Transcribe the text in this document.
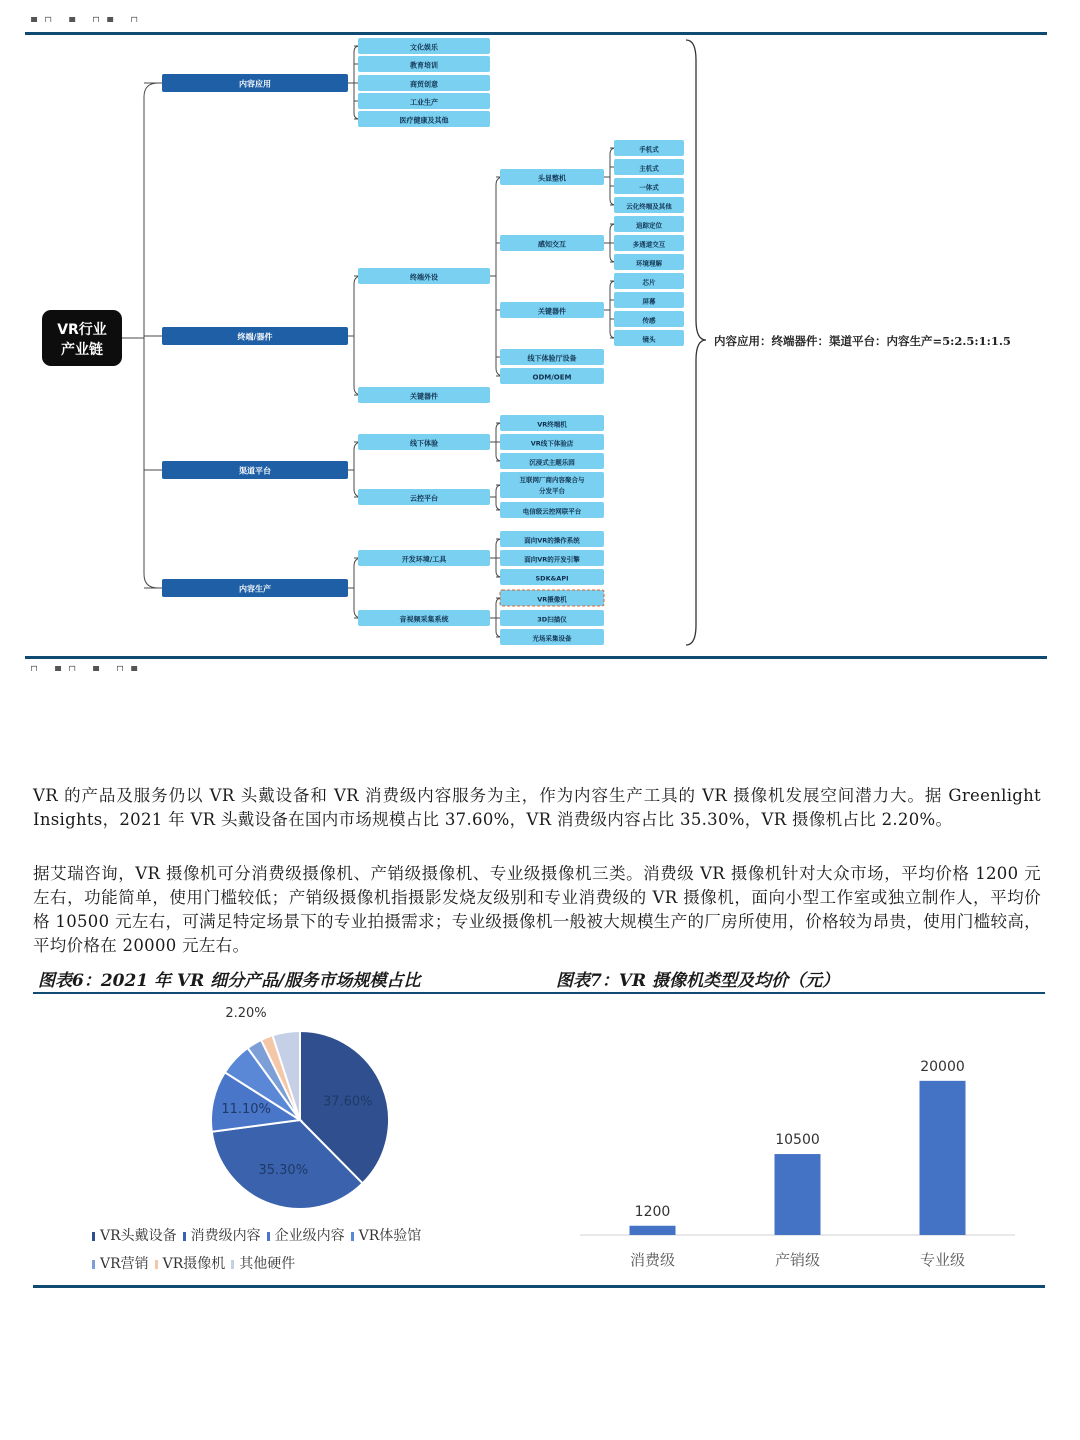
▪▫ ▪ ▫▪ ▫
VR行业
产业链
内容应用
终端/器件
渠道平台
内容生产
文化娱乐
教育培训
商贸创意
工业生产
医疗健康及其他
终端外设
关键器件
头显整机
感知交互
关键器件
线下体验厅设备
ODM/OEM
手机式
主机式
一体式
云化终端及其他
追踪定位
多通道交互
环境理解
芯片
屏幕
传感
镜头
线下体验
云控平台
VR终端机
VR线下体验店
沉浸式主题乐园
互联网厂商内容聚合与
分发平台
电信级云控网联平台
开发环境/工具
音视频采集系统
面向VR的操作系统
面向VR的开发引擎
SDK&API
VR摄像机
3D扫描仪
光场采集设备
内容应用：终端器件：渠道平台：内容生产=5:2.5:1:1.5
▫ ▪▫ ▪ ▫▪
VR 的产品及服务仍以 VR 头戴设备和 VR 消费级内容服务为主，作为内容生产工具的 VR 摄像机发展空间潜力大。据 Greenlight Insights，2021 年 VR 头戴设备在国内市场规模占比 37.60%，VR 消费级内容占比 35.30%，VR 摄像机占比 2.20%。
据艾瑞咨询，VR 摄像机可分消费级摄像机、产销级摄像机、专业级摄像机三类。消费级 VR 摄像机针对大众市场，平均价格 1200 元左右，功能简单，使用门槛较低；产销级摄像机指摄影发烧友级别和专业消费级的 VR 摄像机，面向小型工作室或独立制作人，平均价格 10500 元左右，可满足特定场景下的专业拍摄需求；专业级摄像机一般被大规模生产的厂房所使用，价格较为昂贵，使用门槛较高，平均价格在 20000 元左右。
图表6：2021 年 VR 细分产品/服务市场规模占比	图表7：VR 摄像机类型及均价（元）
37.60%
35.30%
11.10%
2.20%
VR头戴设备 消费级内容 企业级内容 VR体验馆
VR营销 VR摄像机 其他硬件
1200
消费级
10500
产销级
20000
专业级
